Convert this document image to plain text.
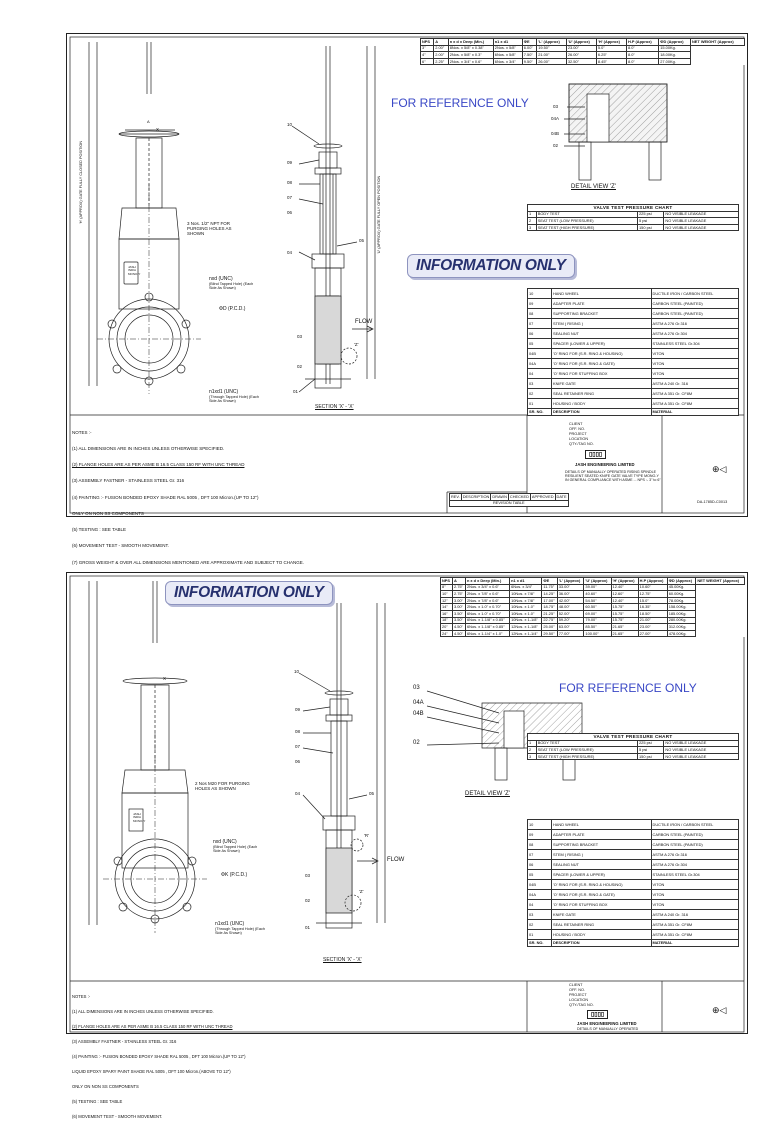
NPS	A	n x d x Deep (Min.)	n1 x d1	ΦE	'L' (Approx)	'U' (Approx)	'H' (Approx)	H.P (Approx)	ΦD (Approx)	NET WEIGHT (Approx)
3"	2.00"	8Nos. x 5/8" x 0.38"	2Nos. x 5/8"	6.00"	19.50"	23.00"	5.0"	8.0"	15.00Kg.	
4"	2.00"	2Nos. x 5/8" x 0.3"	6Nos. x 5/8"	7.50"	21.00"	26.00"	6.25"	8.0"	18.00Kg.	
6"	2.25"	2Nos. x 3/4" x 0.6"	6Nos. x 3/4"	9.50"	26.00"	32.50"	8.45"	8.0"	27.00Kg.	
FOR REFERENCE ONLY
INFORMATION ONLY
DETAIL VIEW 'Z'
SECTION 'X' - 'X'
FLOW
3 Nos. 1/2" NPT FOR PURGING HOLES AS SHOWN
nxd (UNC)
(Blind Tapped Hole) (Each Side As Shown)
ΦD (P.C.D.)
n1xd1 (UNC)
(Through Tapped Hole) (Each Side As Shown)
'H' (APPROX) GATE FULLY CLOSED POSITION	'U' (APPROX) GATE FULLY OPEN POSITION
X
'Z'
A
JASH
INDIA
MONO-Y
10
09
08
07
06
05
04
03
02
01
03
04A
04B
02
VALVE TEST PRESSURE CHART			
1	BODY TEST	225 psi	NO VISIBLE LEAKAGE
2	SEAT TEST (LOW PRESSURE)	5 psi	NO VISIBLE LEAKAGE
3	SEAT TEST (HIGH PRESSURE)	150 psi	NO VISIBLE LEAKAGE
10	HAND WHEEL	DUCTILE IRON / CARBON STEEL
09	ADAPTER PLATE	CARBON STEEL (PAINTED)
08	SUPPORTING BRACKET	CARBON STEEL (PAINTED)
07	STEM ( RISING )	ASTM A 276 Gr.316
06	SEALING NUT	ASTM A 276 Gr.304
05	SPACER (LOWER & UPPER)	STAINLESS STEEL Gr.304
04B	'O' RING FOR (S.R. RING & HOUSING)	VITON
04A	'O' RING FOR (S.R. RING & GATE)	VITON
04	'O' RING FOR STUFFING BOX	VITON
03	KNIFE GATE	ASTM A 240 Gr. 316
02	SEAL RETAINER RING	ASTM A 351 Gr. CF8M
01	HOUSING / BODY	ASTM A 351 Gr. CF8M
SR. NO.	DESCRIPTION	MATERIAL

NOTES :-

(1) ALL DIMENSIONS ARE IN INCHES UNLESS OTHERWISE SPECIFIED.

(2) FLANGE HOLES ARE AS PER ASME B 16.5 CLASS 150 RF WITH UNC THREAD

(3) ASSEMBLY FASTNER - STAINLESS STEEL Gr. 316

(4) PAINTING :- FUSION BONDED EPOXY SHADE RAL 5005 , DFT 100 Micron.(UP TO 12")

ONLY ON NON SS COMPONENTS

(5) TESTING : SEE TABLE

(6) MOVEMENT TEST - SMOOTH MOVEMENT.

(7) GROSS WEIGHT & OVER ALL DIMENSIONS MENTIONED ARE APPROXIMATE AND SUBJECT TO CHANGE.

REV.	DESCRIPTION	DRAWN	CHECKED	APPROVED	DATE
REVISION TABLE
CLIENT
OFF. NO.
PROJECT
LOCATION
QTY./TAG NO.
▯▯▯▯
JASH ENGINEERING LIMITED
DETAILS OF MANUALLY OPERATED RISING SPINDLE RESILIENT SEATED KNIFE GATE VALVE TYPE MONO-Y IN GENERAL COMPLIANCE WITH ASME ... NPS :- 3" to 6"
DA-1785D-C0013
⊕◁
INFORMATION ONLY
NPS	A	n x d x Deep (Min.)	n1 x d1	ΦE	'L' (Approx)	'U' (Approx)	'H' (Approx)	H.P (Approx)	ΦD (Approx)	NET WEIGHT (Approx)
8"	2.75"	2Nos. x 3/4" x 0.6"	6Nos. x 3/4"	11.75"	33.00"	39.00"	12.40"	10.60"	45.00Kg.	
10"	2.75"	2Nos. x 7/8" x 0.6"	10Nos. x 7/8"	14.25"	36.00"	40.60"	12.60"	12.75"	60.00Kg.	
12"	3.00"	2Nos. x 7/8" x 0.6"	10Nos. x 7/8"	17.00"	42.00"	54.50"	12.40"	15.0"	78.00Kg.	
14"	3.00"	2Nos. x 1.0" x 0.70"	10Nos. x 1.0"	18.75"	48.00"	60.50"	15.75"	16.35"	158.00Kg.	
16"	3.50"	6Nos. x 1.0" x 0.70"	10Nos. x 1.0"	21.25"	52.00"	69.00"	15.75"	18.50"	185.00Kg.	
18"	3.50"	6Nos. x 1-1/8" x 0.85"	10Nos. x 1-1/8"	22.75"	59.20"	79.00"	15.75"	21.00"	280.00Kg.	
20"	4.50"	6Nos. x 1-1/8" x 0.85"	12Nos. x 1-1/8"	25.00"	63.00"	85.50"	21.65"	23.00"	312.00Kg.	
24"	4.50"	6Nos. x 1-1/4" x 1.0"	12Nos. x 1-1/4"	29.50"	77.00"	100.00"	21.65"	27.00"	478.00Kg.	
FOR REFERENCE ONLY
03
04A
04B
02
DETAIL VIEW 'Z'
SECTION 'X' - 'X'
FLOW
2 Nos M20 FOR PURGING HOLES AS SHOWN
nxd (UNC)
(Blind Tapped Hole) (Each Side As Shown)
ΦK (P.C.D.)
n1xd1 (UNC)
(Through Tapped Hole) (Each Side As Shown)
X
'Z'
'R'
JASH
INDIA
MONO-Y
10
09
08
07
06
05
04
03
02
01
VALVE TEST PRESSURE CHART			
1	BODY TEST	225 psi	NO VISIBLE LEAKAGE
2	SEAT TEST (LOW PRESSURE)	5 psi	NO VISIBLE LEAKAGE
3	SEAT TEST (HIGH PRESSURE)	150 psi	NO VISIBLE LEAKAGE
10	HAND WHEEL	DUCTILE IRON / CARBON STEEL
09	ADAPTER PLATE	CARBON STEEL (PAINTED)
08	SUPPORTING BRACKET	CARBON STEEL (PAINTED)
07	STEM ( RISING )	ASTM A 276 Gr.316
06	SEALING NUT	ASTM A 276 Gr.304
05	SPACER (LOWER & UPPER)	STAINLESS STEEL Gr.304
04B	'O' RING FOR (S.R. RING & HOUSING)	VITON
04A	'O' RING FOR (S.R. RING & GATE)	VITON
04	'O' RING FOR STUFFING BOX	VITON
03	KNIFE GATE	ASTM A 240 Gr. 316
02	SEAL RETAINER RING	ASTM A 351 Gr. CF8M
01	HOUSING / BODY	ASTM A 351 Gr. CF8M
SR. NO.	DESCRIPTION	MATERIAL

NOTES :-

(1) ALL DIMENSIONS ARE IN INCHES UNLESS OTHERWISE SPECIFIED.

(2) FLANGE HOLES ARE AS PER ASME B 16.5 CLASS 150 RF WITH UNC THREAD

(3) ASSEMBLY FASTNER - STAINLESS STEEL Gr. 316

(4) PAINTING :- FUSION BONDED EPOXY SHADE RAL 5005 , DFT 100 Micron.(UP TO 12")

LIQUID EPOXY SPARY PAINT SHADE RAL 5005 , DFT 100 Micron.(ABOVE TO 12")

ONLY ON NON SS COMPONENTS

(5) TESTING : SEE TABLE

(6) MOVEMENT TEST - SMOOTH MOVEMENT.

CLIENT
OFF. NO.
PROJECT
LOCATION
QTY./TAG NO.
▯▯▯▯
JASH ENGINEERING LIMITED
DETAILS OF MANUALLY OPERATED
⊕◁
